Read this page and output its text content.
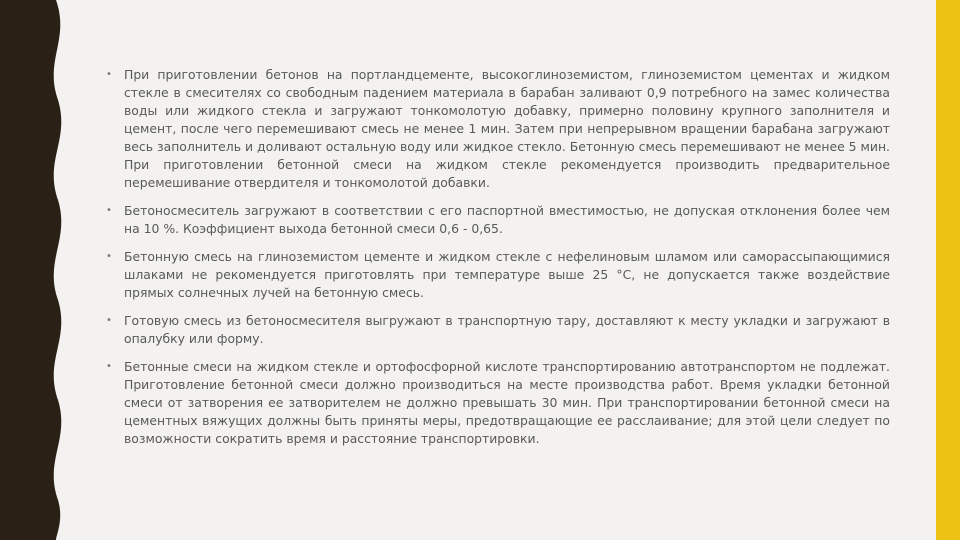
• При приготовлении бетонов на портландцементе, высокоглиноземистом, глиноземистом цементах и жидком стекле в смесителях со свободным падением материала в барабан заливают 0,9 потребного на замес количества воды или жидкого стекла и загружают тонкомолотую добавку, примерно половину крупного заполнителя и цемент, после чего перемешивают смесь не менее 1 мин. Затем при непрерывном вращении барабана загружают весь заполнитель и доливают остальную воду или жидкое стекло. Бетонную смесь перемешивают не менее 5 мин. При приготовлении бетонной смеси на жидком стекле рекомендуется производить предварительное перемешивание отвердителя и тонкомолотой добавки.
• Бетоносмеситель загружают в соответствии с его паспортной вместимостью, не допуская отклонения более чем на 10 %. Коэффициент выхода бетонной смеси 0,6 - 0,65.
• Бетонную смесь на глиноземистом цементе и жидком стекле с нефелиновым шламом или саморассыпающимися шлаками не рекомендуется приготовлять при температуре выше 25 °С, не допускается также воздействие прямых солнечных лучей на бетонную смесь.
• Готовую смесь из бетоносмесителя выгружают в транспортную тару, доставляют к месту укладки и загружают в опалубку или форму.
• Бетонные смеси на жидком стекле и ортофосфорной кислоте транспортированию автотранспортом не подлежат. Приготовление бетонной смеси должно производиться на месте производства работ. Время укладки бетонной смеси от затворения ее затворителем не должно превышать 30 мин. При транспортировании бетонной смеси на цементных вяжущих должны быть приняты меры, предотвращающие ее расслаивание; для этой цели следует по возможности сократить время и расстояние транспортировки.
